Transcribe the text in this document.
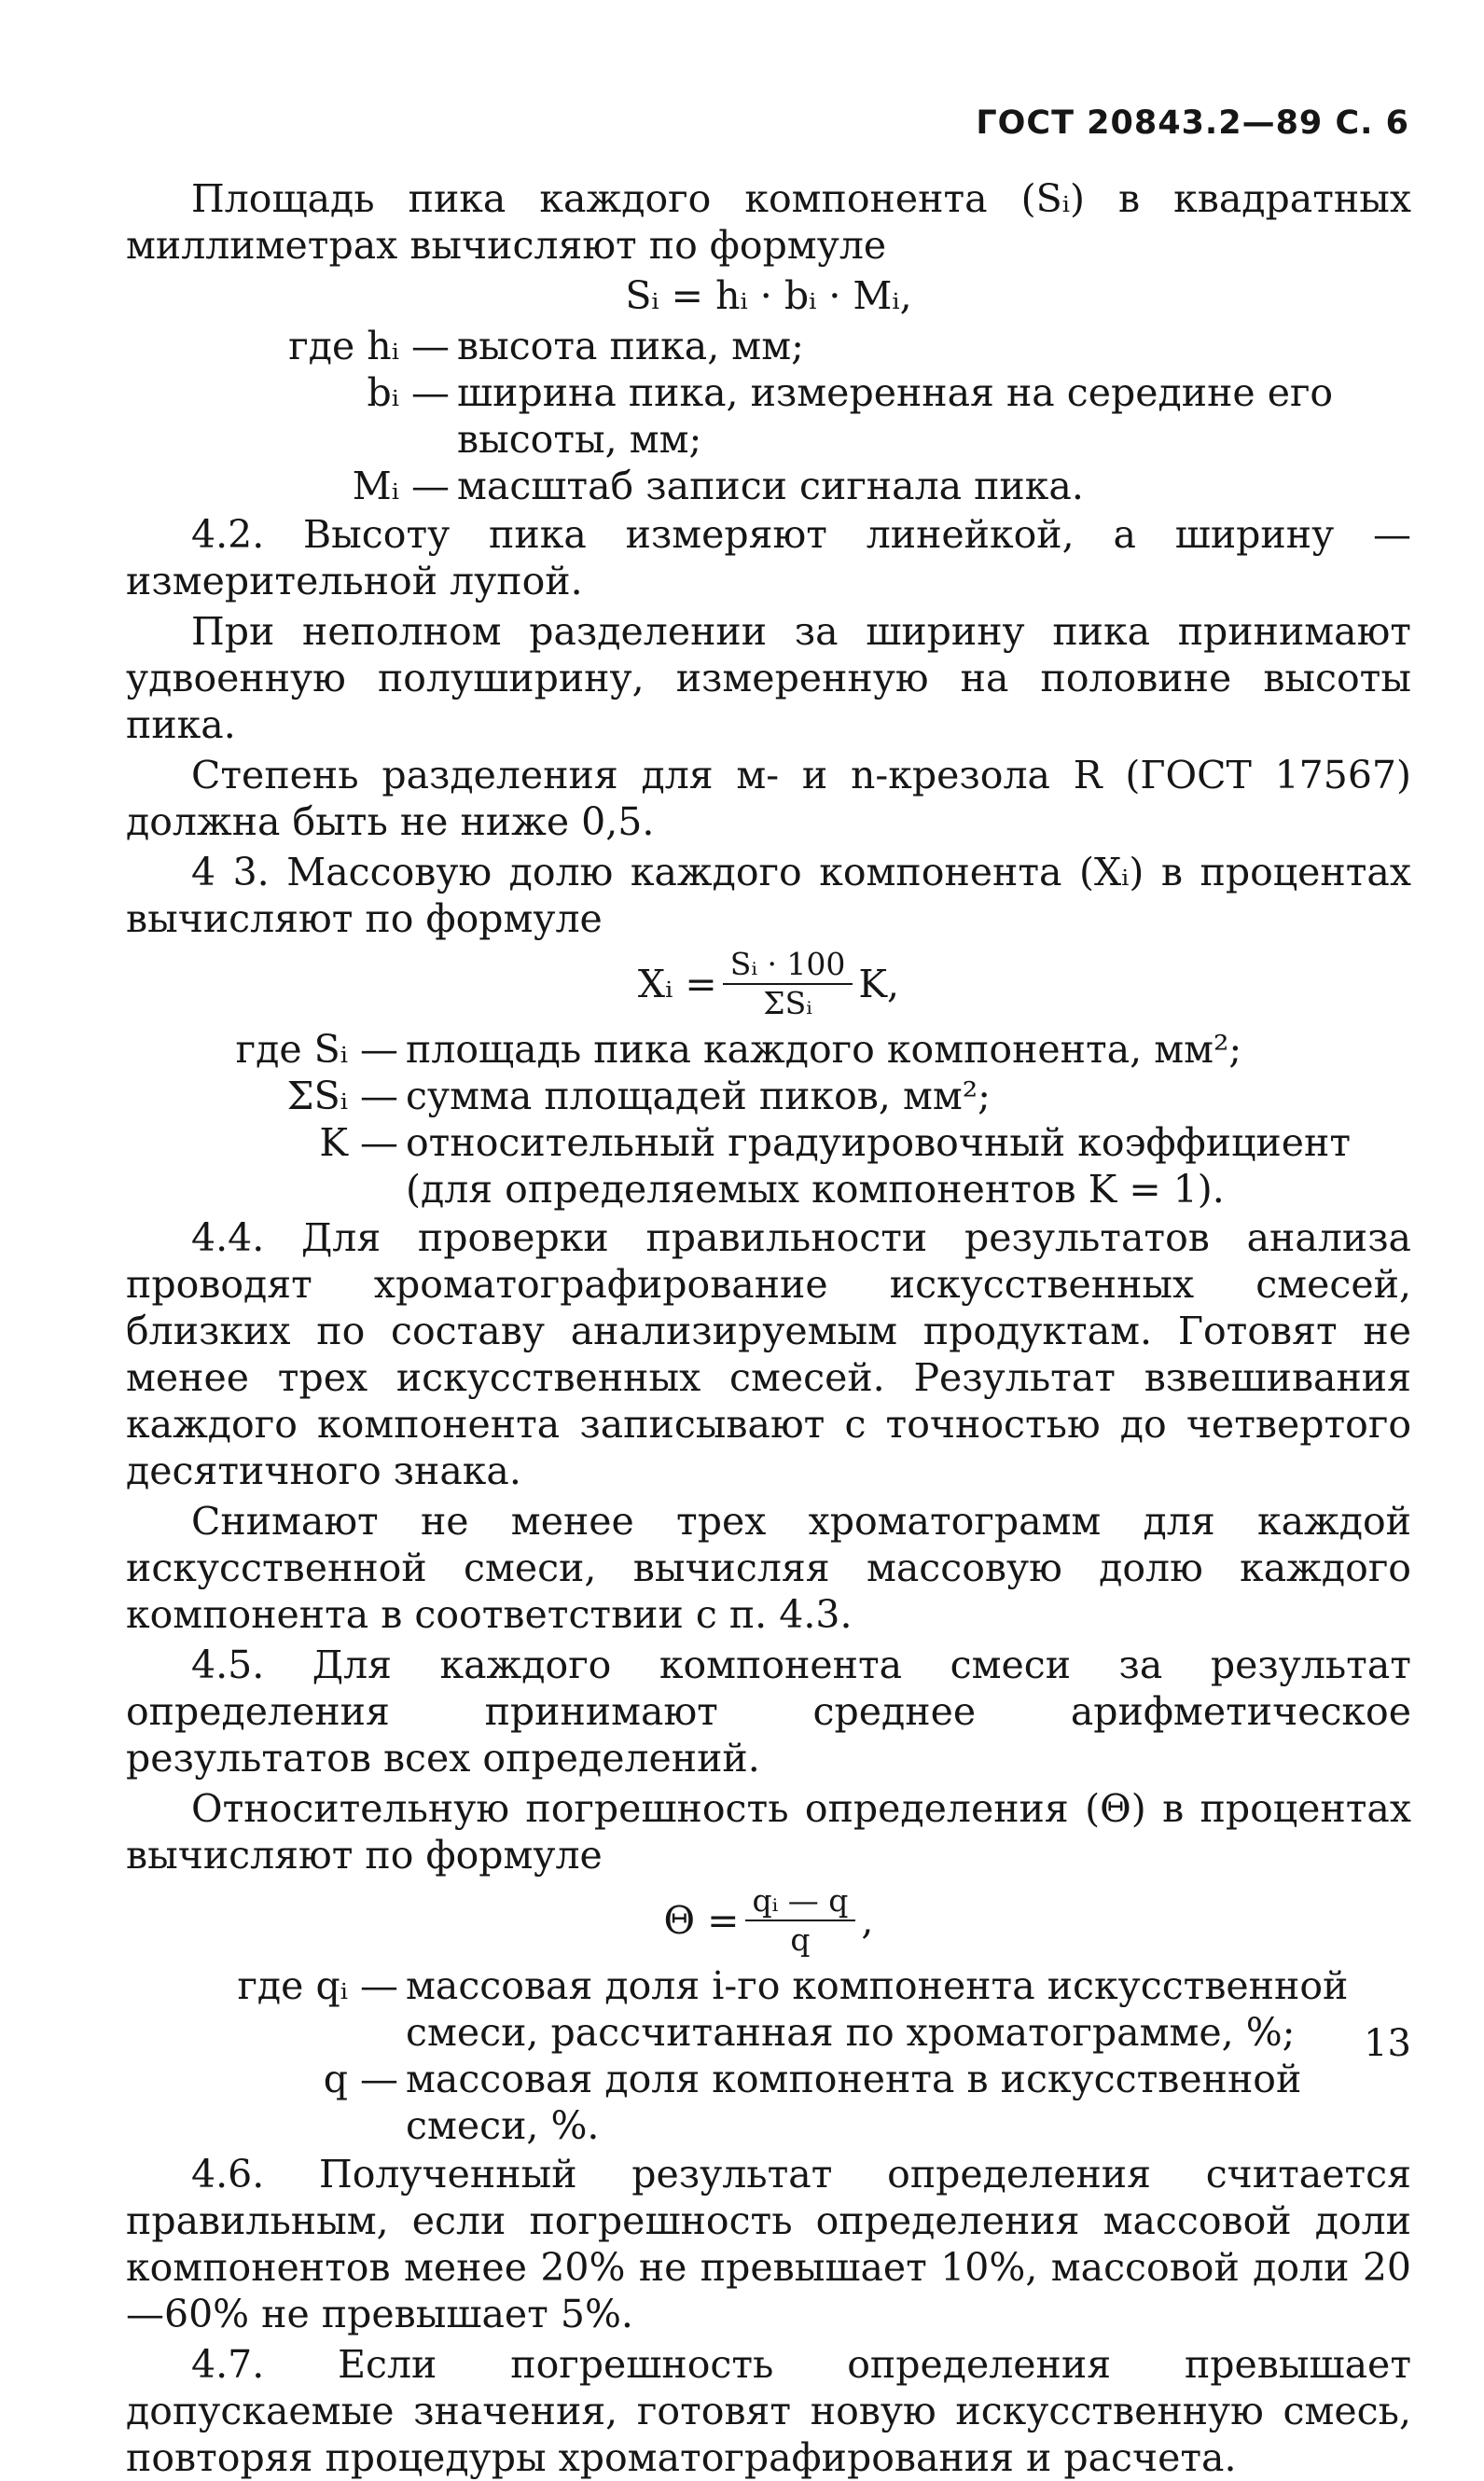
ГОСТ 20843.2—89 С. 6

Площадь пика каждого компонента (Sᵢ) в квадратных миллиметрах вычисляют по формуле

Sᵢ = hᵢ · bᵢ · Mᵢ,
где hᵢ — высота пика, мм;
bᵢ — ширина пика, измеренная на середине его высоты, мм;
Mᵢ — масштаб записи сигнала пика.

4.2. Высоту пика измеряют линейкой, а ширину — измерительной лупой.

При неполном разделении за ширину пика принимают удвоенную полуширину, измеренную на половине высоты пика.

Степень разделения для м- и n-крезола R (ГОСТ 17567) должна быть не ниже 0,5.

4 3. Массовую долю каждого компонента (Xᵢ) в процентах вычисляют по формуле

Xᵢ = $\frac{\text{Sᵢ · 100}}{\text{ΣSᵢ}} K$,
где Sᵢ — площадь пика каждого компонента, мм²;
ΣSᵢ — сумма площадей пиков, мм²;
K — относительный градуировочный коэффициент (для определяемых компонентов K = 1).

4.4. Для проверки правильности результатов анализа проводят хроматографирование искусственных смесей, близких по составу анализируемым продуктам. Готовят не менее трех искусственных смесей. Результат взвешивания каждого компонента записывают с точностью до четвертого десятичного знака.

Снимают не менее трех хроматограмм для каждой искусственной смеси, вычисляя массовую долю каждого компонента в соответствии с п. 4.3.

4.5. Для каждого компонента смеси за результат определения принимают среднее арифметическое результатов всех определений.

Относительную погрешность определения (Θ) в процентах вычисляют по формуле

$\Theta = \frac{\text{qᵢ — q}}{q}$ ,
где qᵢ — массовая доля i-го компонента искусственной смеси, рассчитанная по хроматограмме, %;
q — массовая доля компонента в искусственной смеси, %.

4.6. Полученный результат определения считается правильным, если погрешность определения массовой доли компонентов менее 20% не превышает 10%, массовой доли 20—60% не превышает 5%.

4.7. Если погрешность определения превышает допускаемые значения, готовят новую искусственную смесь, повторяя процедуры хроматографирования и расчета.

13
